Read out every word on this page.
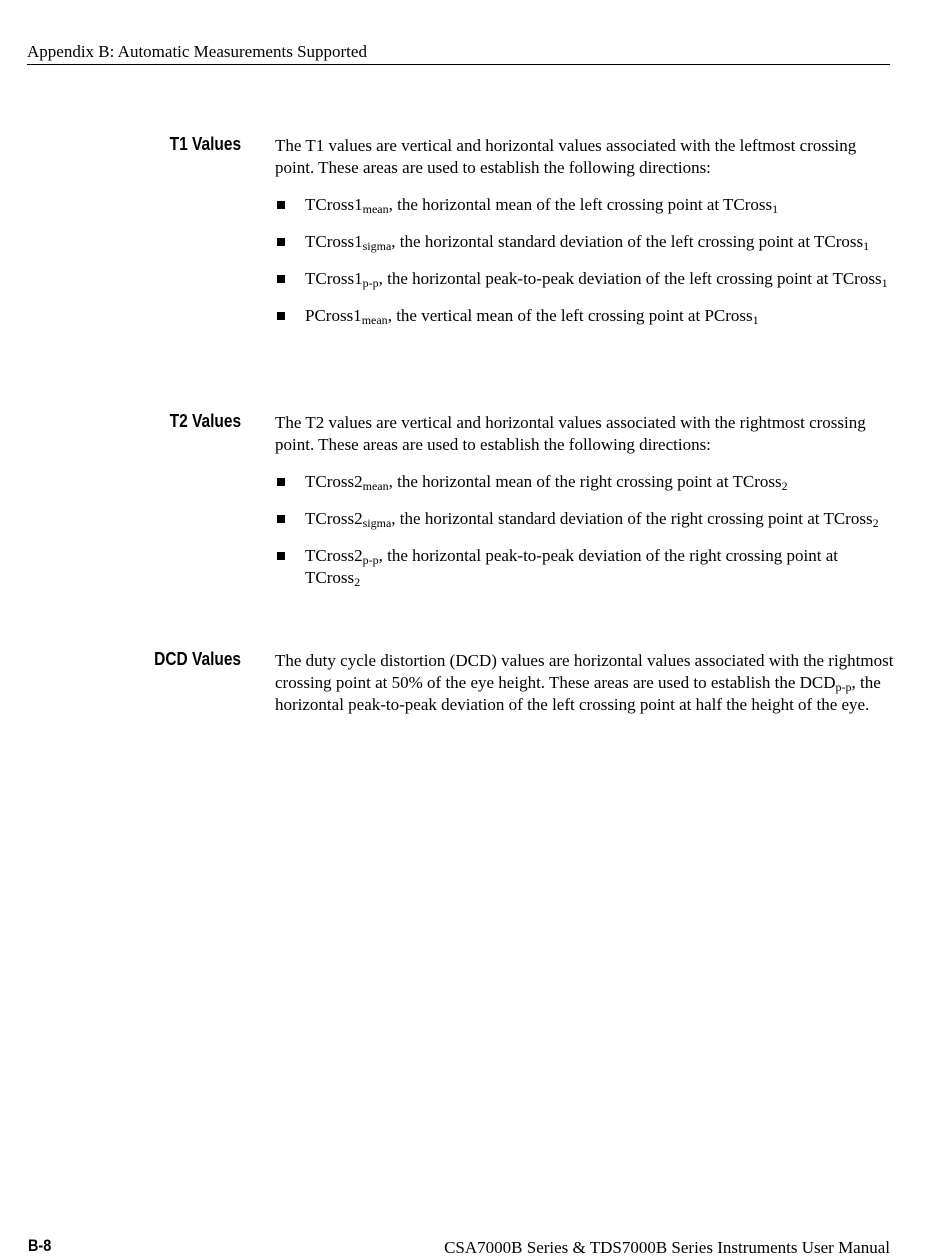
Appendix B: Automatic Measurements Supported
T1 Values The T1 values are vertical and horizontal values associated with the leftmost crossing point. These areas are used to establish the following directions:

$TCross1_{mean}$, the horizontal mean of the left crossing point at TCross$_1$
$TCross1_{sigma}$, the horizontal standard deviation of the left crossing point at TCross$_1$
$TCross1_{p-p}$, the horizontal peak-to-peak deviation of the left crossing point at TCross$_1$
$PCross1_{mean}$, the vertical mean of the left crossing point at PCross$_1$
T2 Values The T2 values are vertical and horizontal values associated with the rightmost crossing point. These areas are used to establish the following directions:

$TCross2_{mean}$, the horizontal mean of the right crossing point at TCross$_2$
$TCross2_{sigma}$, the horizontal standard deviation of the right crossing point at TCross$_2$
$TCross2_{p-p}$, the horizontal peak-to-peak deviation of the right crossing point at TCross$_2$
DCD Values The duty cycle distortion (DCD) values are horizontal values associated with the rightmost crossing point at 50% of the eye height. These areas are used to establish the $DCD_{p-p}$, the horizontal peak-to-peak deviation of the left crossing point at half the height of the eye.

B-8	CSA7000B Series & TDS7000B Series Instruments User Manual
